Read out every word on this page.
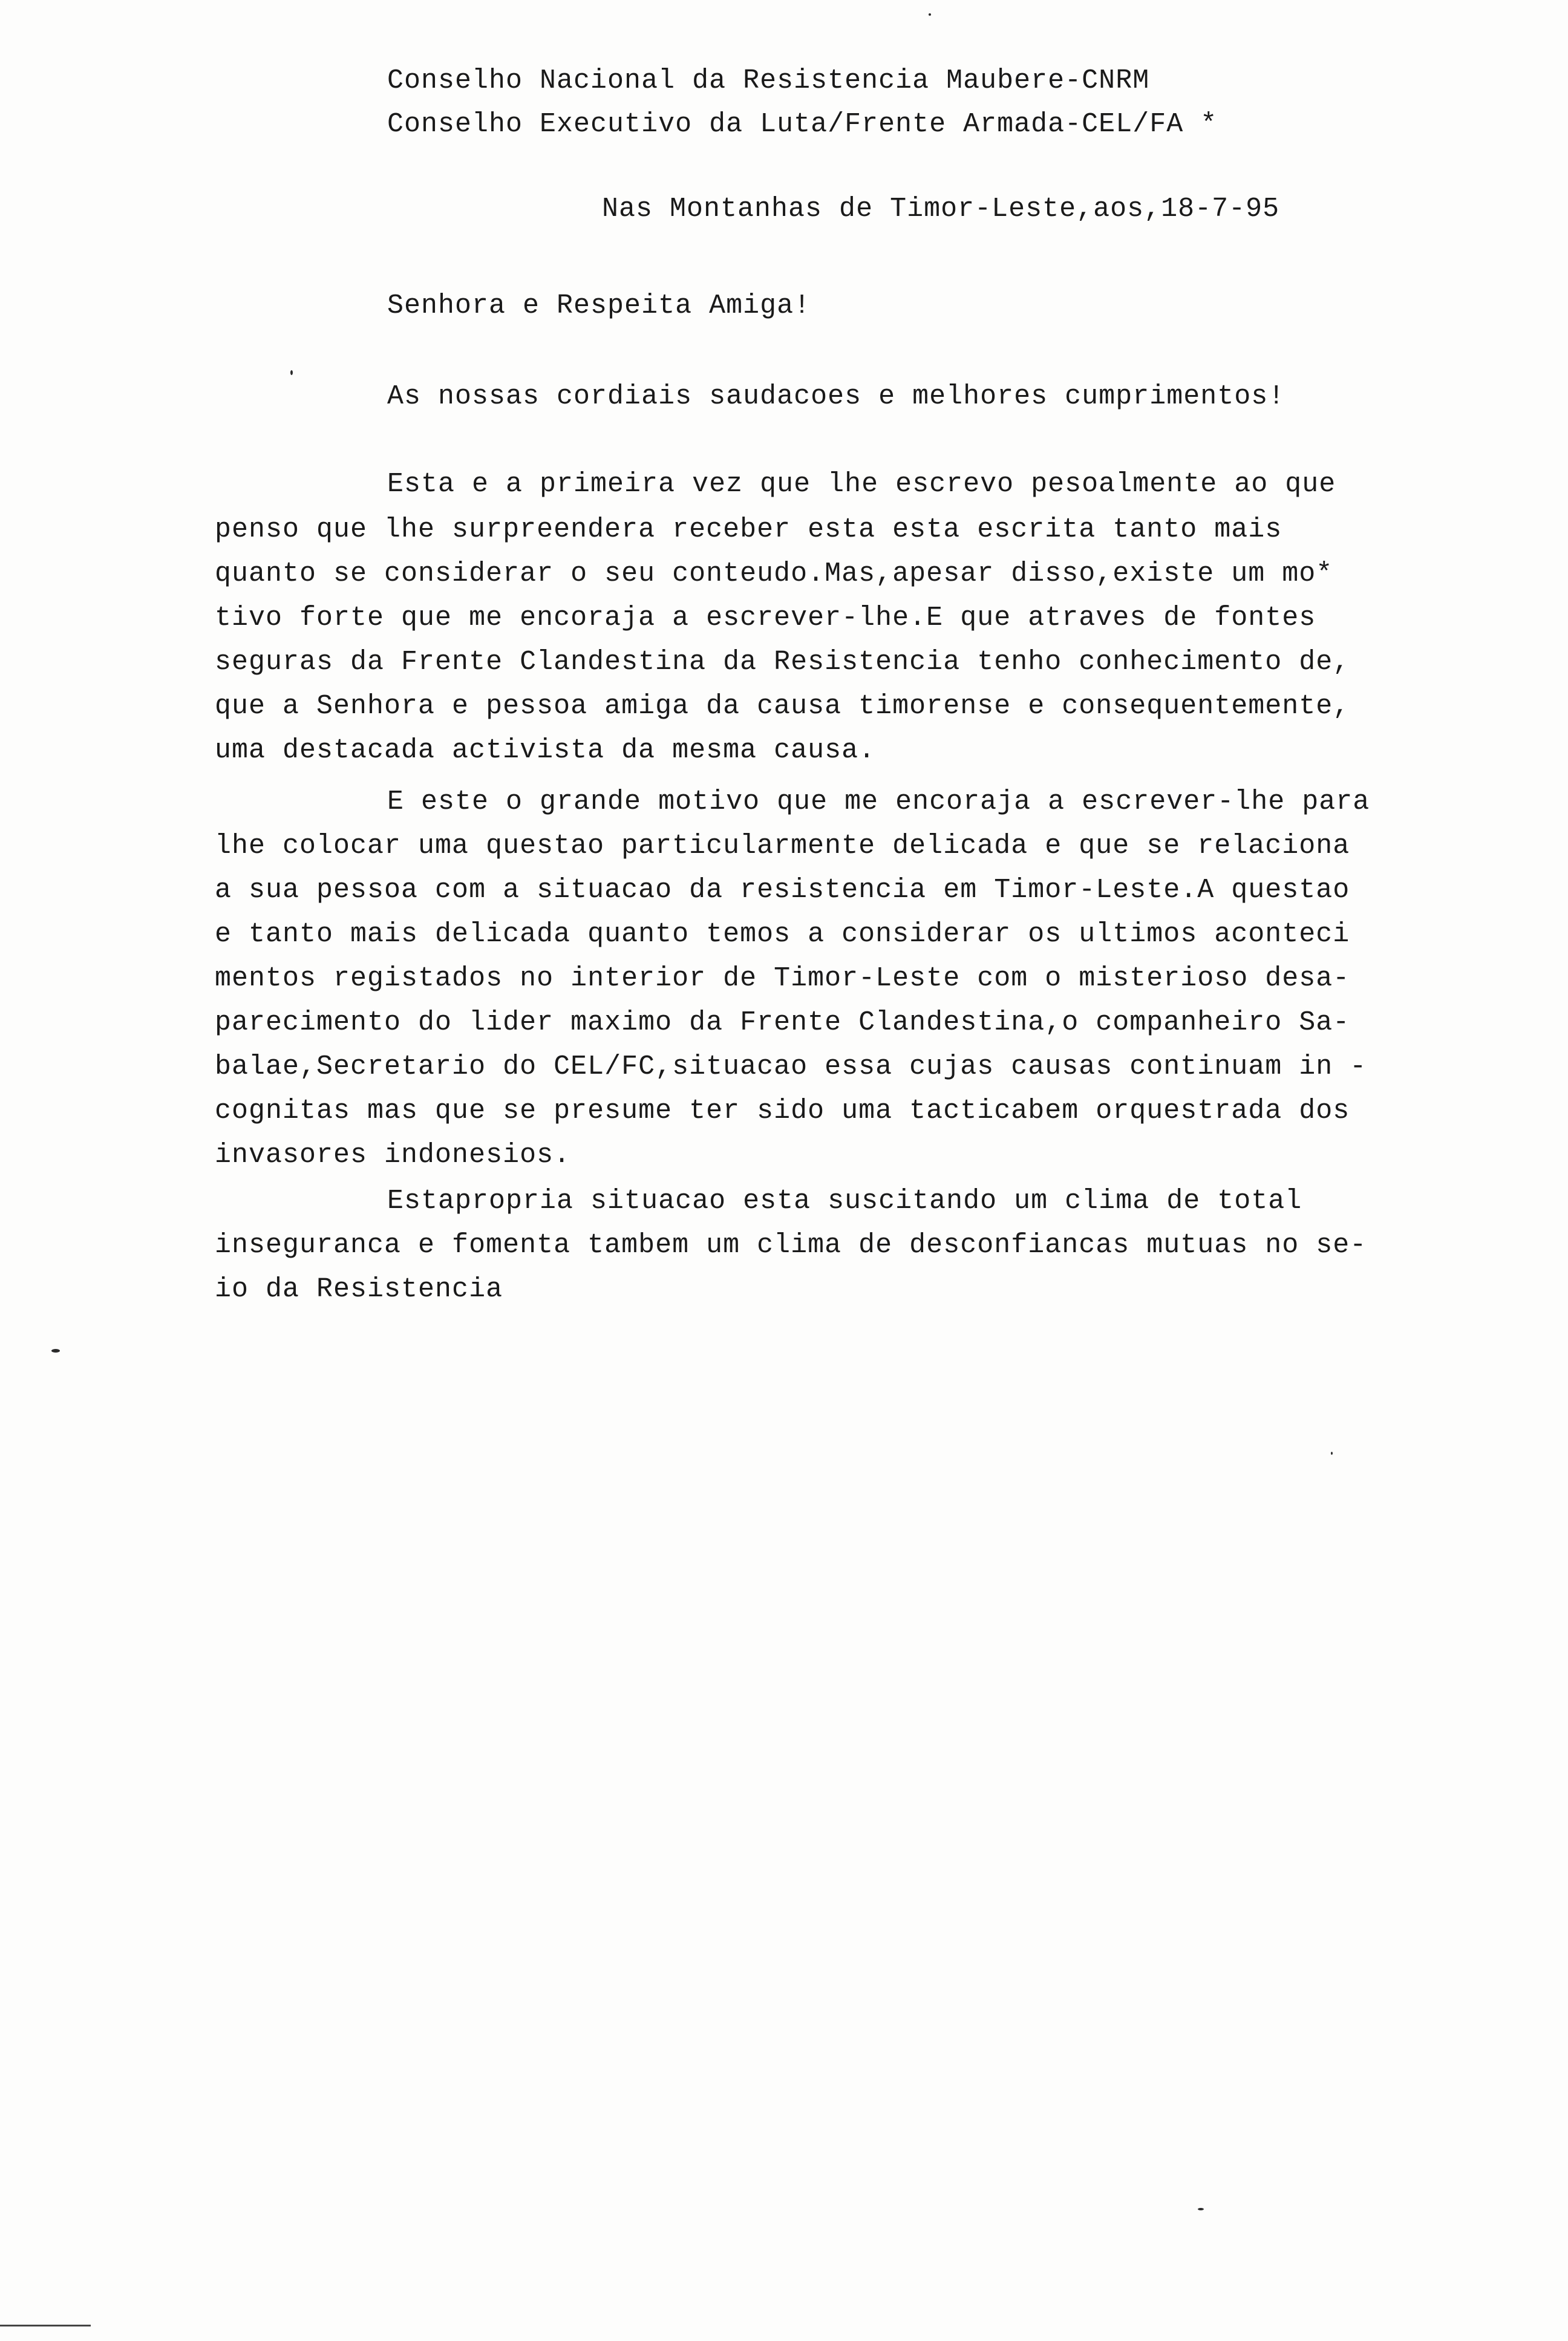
Conselho Nacional da Resistencia Maubere-CNRM
Conselho Executivo da Luta/Frente Armada-CEL/FA *
Nas Montanhas de Timor-Leste,aos,18-7-95
Senhora e Respeita Amiga!
As nossas cordiais saudacoes e melhores cumprimentos!
Esta e a primeira vez que lhe escrevo pesoalmente ao que
penso que lhe surpreendera receber esta esta escrita tanto mais
quanto se considerar o seu conteudo.Mas,apesar disso,existe um mo*
tivo forte que me encoraja a escrever-lhe.E que atraves de fontes
seguras da Frente Clandestina da Resistencia tenho conhecimento de,
que a Senhora e pessoa amiga da causa timorense e consequentemente,
uma destacada activista da mesma causa.
E este o grande motivo que me encoraja a escrever-lhe para
lhe colocar uma questao particularmente delicada e que se relaciona
a sua pessoa com a situacao da resistencia em Timor-Leste.A questao
e tanto mais delicada quanto temos a considerar os ultimos aconteci
mentos registados no interior de Timor-Leste com o misterioso desa-
parecimento do lider maximo da Frente Clandestina,o companheiro Sa-
balae,Secretario do CEL/FC,situacao essa cujas causas continuam in -
cognitas mas que se presume ter sido uma tacticabem orquestrada dos
invasores indonesios.
Estapropria situacao esta suscitando um clima de total
inseguranca e fomenta tambem um clima de desconfiancas mutuas no se-
io da Resistencia
